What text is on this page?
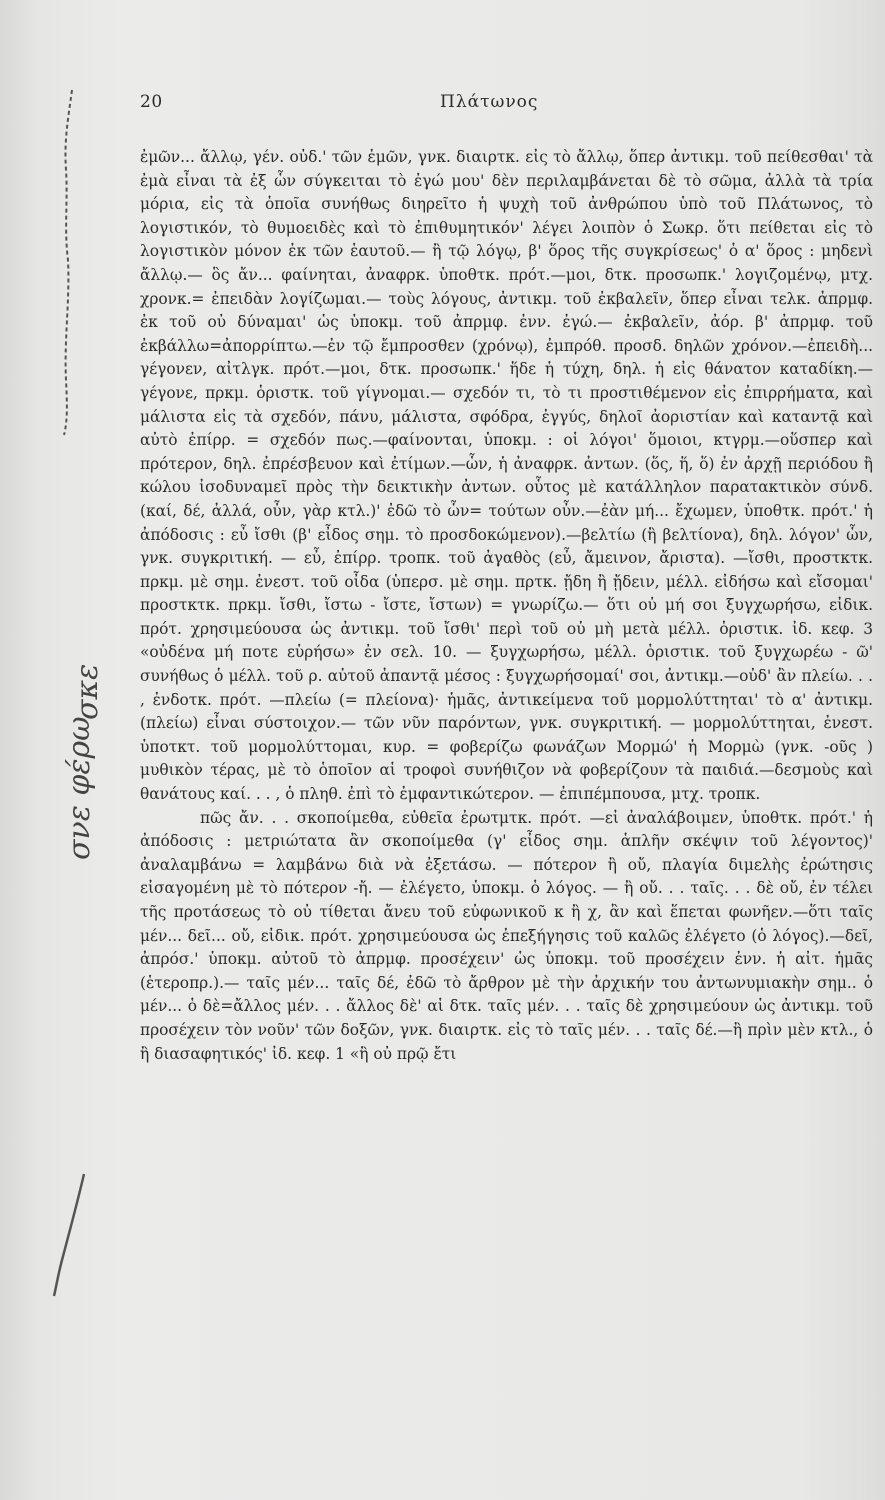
20	Πλάτωνος

ἐμῶν... ἄλλῳ, γέν. οὐδ.' τῶν ἐμῶν, γνκ. διαιρτκ. εἰς τὸ ἄλλῳ, ὅπερ ἀντικμ. τοῦ πείθεσθαι' τὰ ἐμὰ εἶναι τὰ ἐξ ὧν σύγκειται τὸ ἐγώ μου' δὲν περιλαμβάνεται δὲ τὸ σῶμα, ἀλλὰ τὰ τρία μόρια, εἰς τὰ ὁποῖα συνήθως διηρεῖτο ἡ ψυχὴ τοῦ ἀνθρώπου ὑπὸ τοῦ Πλάτωνος, τὸ λογιστικόν, τὸ θυμοειδὲς καὶ τὸ ἐπιθυμητικόν' λέγει λοιπὸν ὁ Σωκρ. ὅτι πείθεται εἰς τὸ λογιστικὸν μόνον ἐκ τῶν ἑαυτοῦ.— ἢ τῷ λόγῳ, β' ὅρος τῆς συγκρίσεως' ὁ α' ὅρος : μηδενὶ ἄλλῳ.— ὃς ἄν... φαίνηται, ἀναφρκ. ὑποθτκ. πρότ.—μοι, δτκ. προσωπκ.' λογιζομένῳ, μτχ. χρονκ.= ἐπειδὰν λογίζωμαι.— τοὺς λόγους, ἀντικμ. τοῦ ἐκβαλεῖν, ὅπερ εἶναι τελκ. ἀπρμφ. ἐκ τοῦ οὐ δύναμαι' ὡς ὑποκμ. τοῦ ἀπρμφ. ἐνν. ἐγώ.— ἐκβαλεῖν, ἀόρ. β' ἀπρμφ. τοῦ ἐκβάλλω=ἀπορρίπτω.—ἐν τῷ ἔμπροσθεν (χρόνῳ), ἐμπρόθ. προσδ. δηλῶν χρόνον.—ἐπειδὴ... γέγονεν, αἰτλγκ. πρότ.—μοι, δτκ. προσωπκ.' ἥδε ἡ τύχη, δηλ. ἡ εἰς θάνατον καταδίκη.—γέγονε, πρκμ. ὁριστκ. τοῦ γίγνομαι.— σχεδόν τι, τὸ τι προστιθέμενον εἰς ἐπιρρήματα, καὶ μάλιστα εἰς τὰ σχεδόν, πάνυ, μάλιστα, σφόδρα, ἐγγύς, δηλοῖ ἀοριστίαν καὶ καταντᾷ καὶ αὐτὸ ἐπίρρ. = σχεδόν πως.—φαίνονται, ὑποκμ. : οἱ λόγοι' ὅμοιοι, κτγρμ.—οὕσπερ καὶ πρότερον, δηλ. ἐπρέσβευον καὶ ἐτίμων.—ὧν, ἡ ἀναφρκ. ἀντων. (ὅς, ἥ, ὅ) ἐν ἀρχῇ περιόδου ἢ κώλου ἰσοδυναμεῖ πρὸς τὴν δεικτικὴν ἀντων. οὗτος μὲ κατάλληλον παρατακτικὸν σύνδ. (καί, δέ, ἀλλά, οὖν, γὰρ κτλ.)' ἐδῶ τὸ ὧν= τούτων οὖν.—ἐὰν μή... ἔχωμεν, ὑποθτκ. πρότ.' ἡ ἀπόδοσις : εὖ ἴσθι (β' εἶδος σημ. τὸ προσδοκώμενον).—βελτίω (ἢ βελτίονα), δηλ. λόγον' ὧν, γνκ. συγκριτική. — εὖ, ἐπίρρ. τροπκ. τοῦ ἀγαθὸς (εὖ, ἄμεινον, ἄριστα). —ἴσθι, προστκτκ. πρκμ. μὲ σημ. ἐνεστ. τοῦ οἶδα (ὑπερσ. μὲ σημ. πρτκ. ᾔδη ἢ ᾔδειν, μέλλ. εἰδήσω καὶ εἴσομαι' προστκτκ. πρκμ. ἴσθι, ἴστω - ἴστε, ἴστων) = γνωρίζω.— ὅτι οὐ μή σοι ξυγχωρήσω, εἰδικ. πρότ. χρησιμεύουσα ὡς ἀντικμ. τοῦ ἴσθι' περὶ τοῦ οὐ μὴ μετὰ μέλλ. ὁριστικ. ἰδ. κεφ. 3 «οὐδένα μή ποτε εὑρήσω» ἐν σελ. 10. — ξυγχωρήσω, μέλλ. ὁριστικ. τοῦ ξυγχωρέω - ῶ' συνήθως ὁ μέλλ. τοῦ ρ. αὐτοῦ ἀπαντᾷ μέσος : ξυγχωρήσομαί' σοι, ἀντικμ.—οὐδ' ἂν πλείω. . . , ἐνδοτκ. πρότ. —πλείω (= πλείονα)· ἡμᾶς, ἀντικείμενα τοῦ μορμολύττηται' τὸ α' ἀντικμ. (πλείω) εἶναι σύστοιχον.— τῶν νῦν παρόντων, γνκ. συγκριτική. — μορμολύττηται, ἐνεστ. ὑποτκτ. τοῦ μορμολύττομαι, κυρ. = φοβερίζω φωνάζων Μορμώ' ἡ Μορμὼ (γνκ. -οῦς ) μυθικὸν τέρας, μὲ τὸ ὁποῖον αἱ τροφοὶ συνήθιζον νὰ φοβερίζουν τὰ παιδιά.—δεσμοὺς καὶ θανάτους καί. . . , ὁ πληθ. ἐπὶ τὸ ἐμφαντικώτερον. — ἐπιπέμπουσα, μτχ. τροπκ.

πῶς ἄν. . . σκοποίμεθα, εὐθεῖα ἐρωτμτκ. πρότ. —εἰ ἀναλάβοιμεν, ὑποθτκ. πρότ.' ἡ ἀπόδοσις : μετριώτατα ἂν σκοποίμεθα (γ' εἶδος σημ. ἁπλῆν σκέψιν τοῦ λέγοντος)' ἀναλαμβάνω = λαμβάνω διὰ νὰ ἐξετάσω. — πότερον ἢ οὔ, πλαγία διμελὴς ἐρώτησις εἰσαγομένη μὲ τὸ πότερον -ἤ. — ἐλέγετο, ὑποκμ. ὁ λόγος. — ἢ οὔ. . . ταῖς. . . δὲ οὔ, ἐν τέλει τῆς προτάσεως τὸ οὐ τίθεται ἄνευ τοῦ εὐφωνικοῦ κ ἢ χ, ἂν καὶ ἕπεται φωνῆεν.—ὅτι ταῖς μέν... δεῖ... οὔ, εἰδικ. πρότ. χρησιμεύουσα ὡς ἐπεξήγησις τοῦ καλῶς ἐλέγετο (ὁ λόγος).—δεῖ, ἀπρόσ.' ὑποκμ. αὐτοῦ τὸ ἀπρμφ. προσέχειν' ὡς ὑποκμ. τοῦ προσέχειν ἐνν. ἡ αἰτ. ἡμᾶς (ἑτεροπρ.).— ταῖς μέν... ταῖς δέ, ἐδῶ τὸ ἄρθρον μὲ τὴν ἀρχικήν του ἀντωνυμιακὴν σημ.. ὁ μέν... ὁ δὲ=ἄλλος μέν. . . ἄλλος δὲ' αἱ δτκ. ταῖς μέν. . . ταῖς δὲ χρησιμεύουν ὡς ἀντικμ. τοῦ προσέχειν τὸν νοῦν' τῶν δοξῶν, γνκ. διαιρτκ. εἰς τὸ ταῖς μέν. . . ταῖς δέ.—ἢ πρὶν μὲν κτλ., ὁ ἢ διασαφητικός' ἰδ. κεφ. 1 «ἢ οὐ πρῷ ἔτι

σνε φέρω
σκε
